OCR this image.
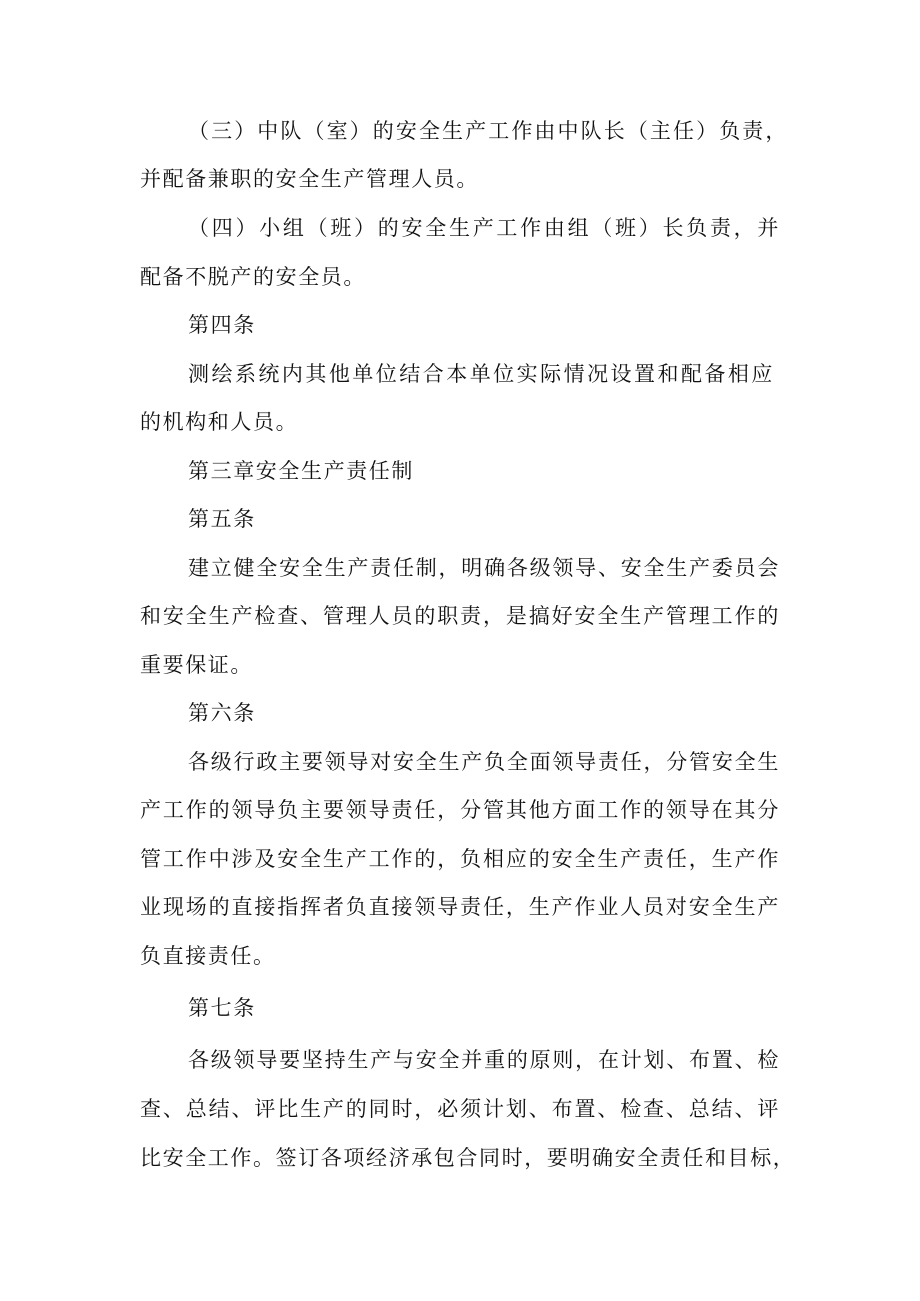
（三）中队（室）的安全生产工作由中队长（主任）负责，
并配备兼职的安全生产管理人员。
（四）小组（班）的安全生产工作由组（班）长负责，并
配备不脱产的安全员。
第四条
测绘系统内其他单位结合本单位实际情况设置和配备相应
的机构和人员。
第三章安全生产责任制
第五条
建立健全安全生产责任制，明确各级领导、安全生产委员会
和安全生产检查、管理人员的职责，是搞好安全生产管理工作的
重要保证。
第六条
各级行政主要领导对安全生产负全面领导责任，分管安全生
产工作的领导负主要领导责任，分管其他方面工作的领导在其分
管工作中涉及安全生产工作的，负相应的安全生产责任，生产作
业现场的直接指挥者负直接领导责任，生产作业人员对安全生产
负直接责任。
第七条
各级领导要坚持生产与安全并重的原则，在计划、布置、检
查、总结、评比生产的同时，必须计划、布置、检查、总结、评
比安全工作。签订各项经济承包合同时，要明确安全责任和目标，
